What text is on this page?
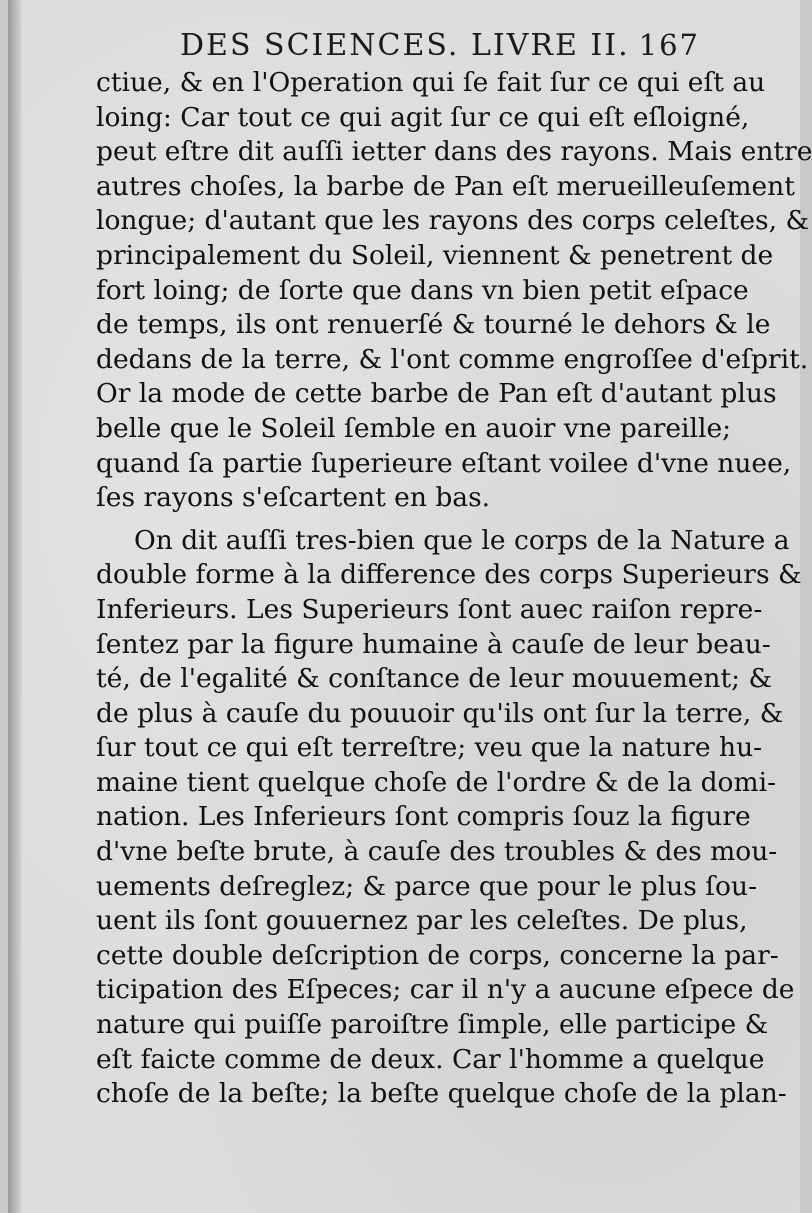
DES SCIENCES. LIVRE II. 167
ctiue, & en l'Operation qui ſe fait ſur ce qui eſt au
loing: Car tout ce qui agit ſur ce qui eſt eſloigné,
peut eſtre dit auſſi ietter dans des rayons. Mais entre
autres choſes, la barbe de Pan eſt merueilleuſement
longue; d'autant que les rayons des corps celeſtes, &
principalement du Soleil, viennent & penetrent de
fort loing; de ſorte que dans vn bien petit eſpace
de temps, ils ont renuerſé & tourné le dehors & le
dedans de la terre, & l'ont comme engroſſee d'eſprit.
Or la mode de cette barbe de Pan eſt d'autant plus
belle que le Soleil ſemble en auoir vne pareille;
quand ſa partie ſuperieure eſtant voilee d'vne nuee,
ſes rayons s'eſcartent en bas.
On dit auſſi tres-bien que le corps de la Nature a
double forme à la difference des corps Superieurs &
Inferieurs. Les Superieurs ſont auec raiſon repre-
ſentez par la figure humaine à cauſe de leur beau-
té, de l'egalité & conſtance de leur mouuement; &
de plus à cauſe du pouuoir qu'ils ont ſur la terre, &
ſur tout ce qui eſt terreſtre; veu que la nature hu-
maine tient quelque choſe de l'ordre & de la domi-
nation. Les Inferieurs ſont compris ſouz la figure
d'vne beſte brute, à cauſe des troubles & des mou-
uements deſreglez; & parce que pour le plus ſou-
uent ils ſont gouuernez par les celeſtes. De plus,
cette double deſcription de corps, concerne la par-
ticipation des Eſpeces; car il n'y a aucune eſpece de
nature qui puiſſe paroiſtre ſimple, elle participe &
eſt faicte comme de deux. Car l'homme a quelque
choſe de la beſte; la beſte quelque choſe de la plan-
